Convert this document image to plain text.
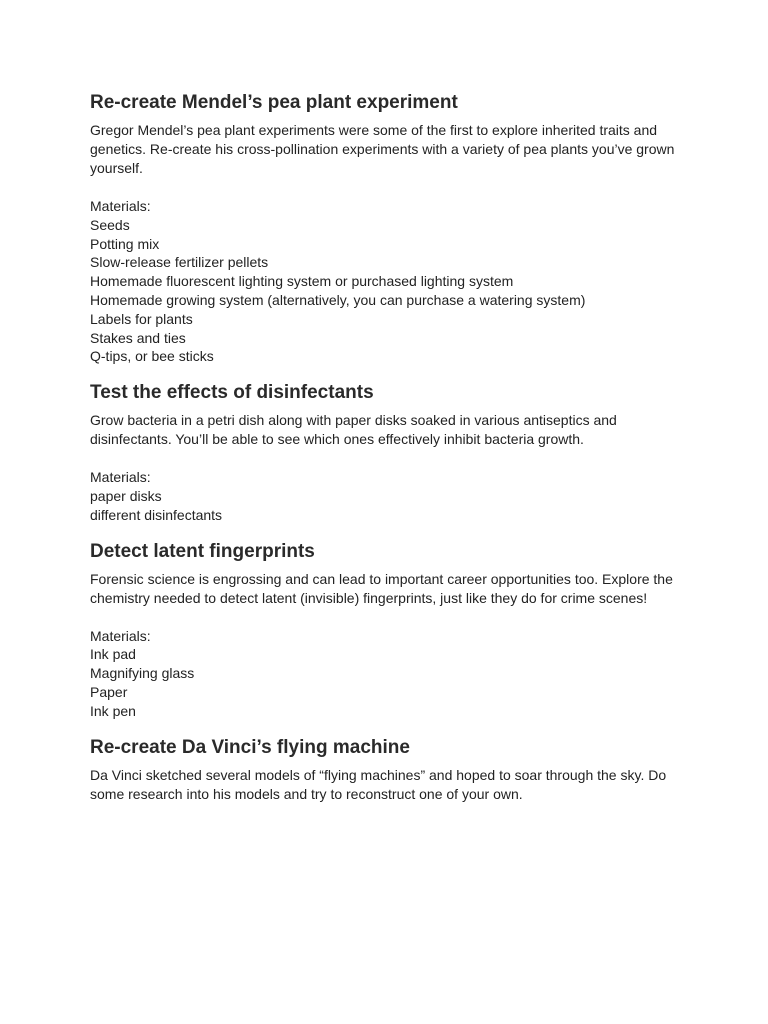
Re-create Mendel’s pea plant experiment

Gregor Mendel’s pea plant experiments were some of the first to explore inherited traits and genetics. Re-create his cross-pollination experiments with a variety of pea plants you’ve grown yourself.

Materials:

Seeds

Potting mix

Slow-release fertilizer pellets

Homemade fluorescent lighting system or purchased lighting system

Homemade growing system (alternatively, you can purchase a watering system)

Labels for plants

Stakes and ties

Q-tips, or bee sticks

Test the effects of disinfectants

Grow bacteria in a petri dish along with paper disks soaked in various antiseptics and disinfectants. You’ll be able to see which ones effectively inhibit bacteria growth.

Materials:

paper disks

different disinfectants

Detect latent fingerprints

Forensic science is engrossing and can lead to important career opportunities too. Explore the chemistry needed to detect latent (invisible) fingerprints, just like they do for crime scenes!

Materials:

Ink pad

Magnifying glass

Paper

Ink pen

Re-create Da Vinci’s flying machine

Da Vinci sketched several models of “flying machines” and hoped to soar through the sky. Do some research into his models and try to reconstruct one of your own.
